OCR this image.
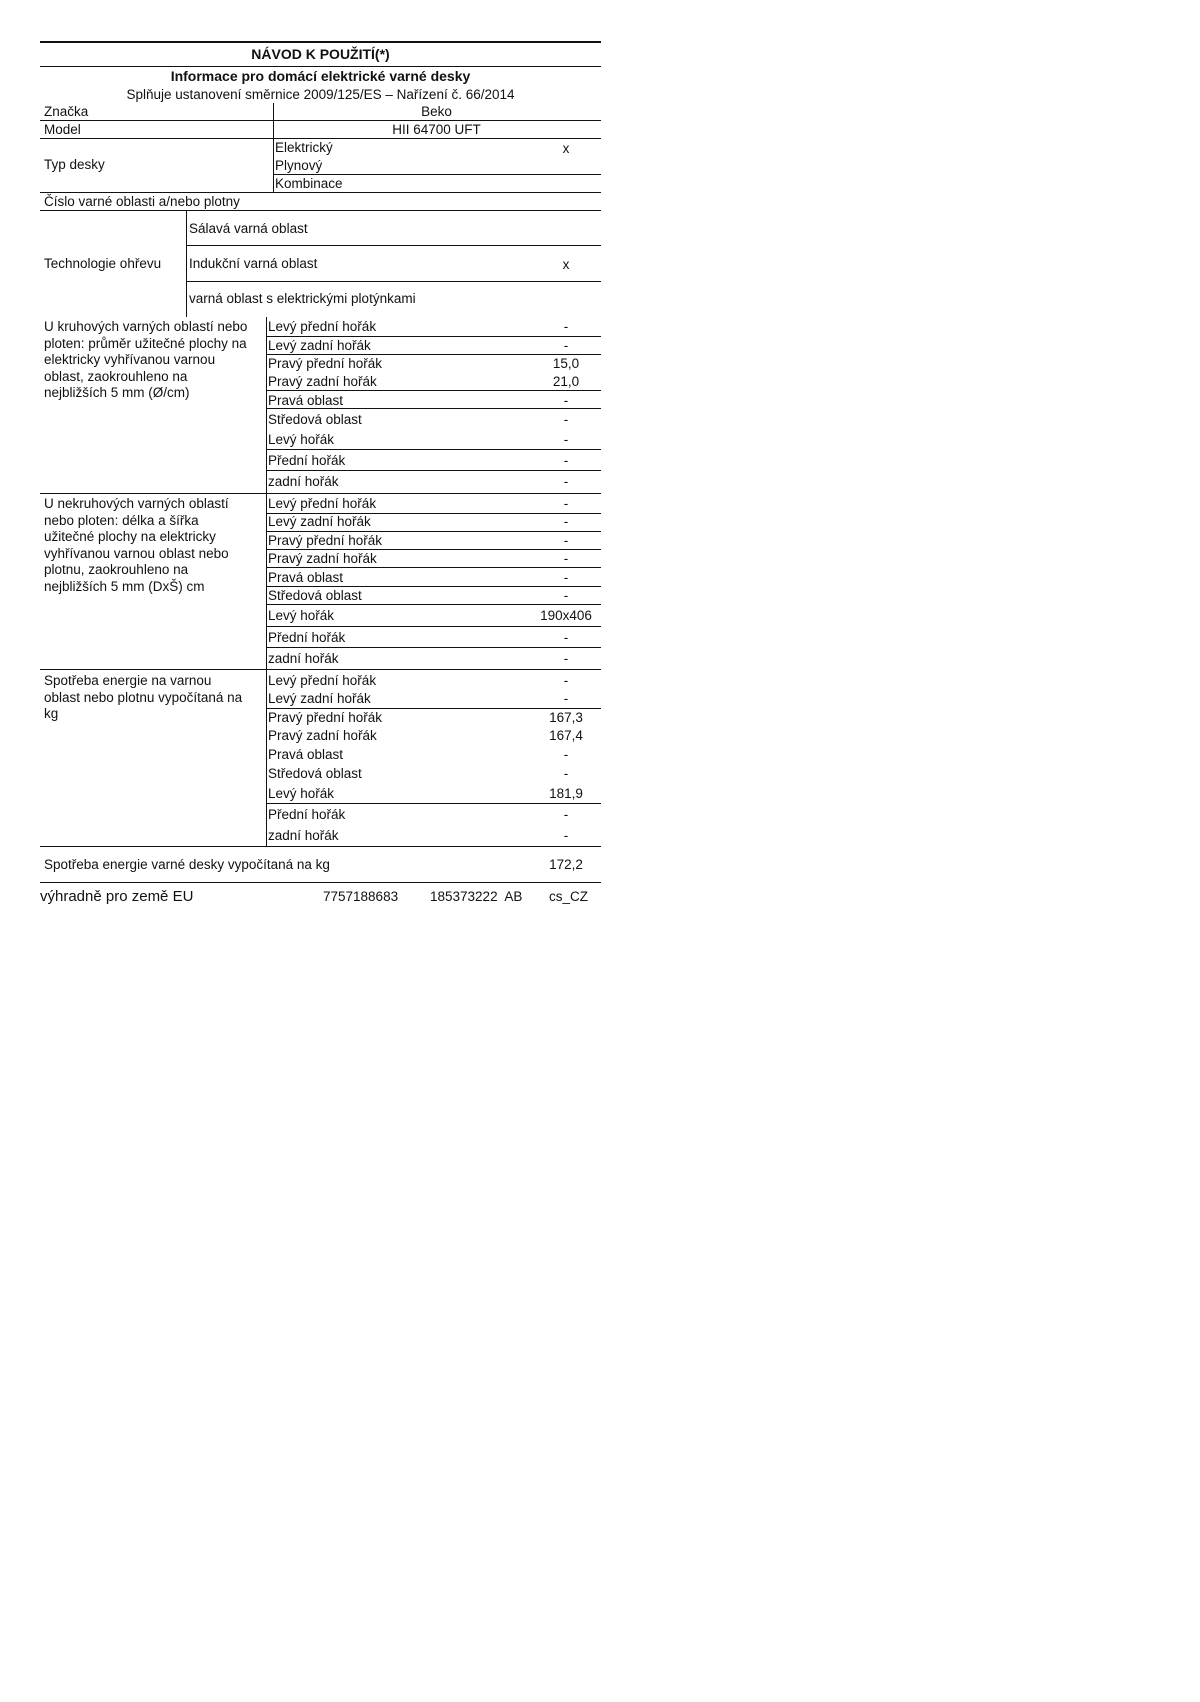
NÁVOD K POUŽITÍ(*)
Informace pro domácí elektrické varné desky
Splňuje ustanovení směrnice 2009/125/ES – Nařízení č. 66/2014
Značka	Beko
Model	HII 64700 UFT
Typ desky
Elektrický	x
Plynový
Kombinace
Číslo varné oblasti a/nebo plotny
Technologie ohřevu
Sálavá varná oblast
Indukční varná oblast	x
varná oblast s elektrickými plotýnkami
U kruhových varných oblastí nebo
ploten: průměr užitečné plochy na
elektricky vyhřívanou varnou
oblast, zaokrouhleno na
nejbližších 5 mm (Ø/cm)
Levý přední hořák	-
Levý zadní hořák	-
Pravý přední hořák	15,0
Pravý zadní hořák	21,0
Pravá oblast	-
Středová oblast	-
Levý hořák	-
Přední hořák	-
zadní hořák	-
U nekruhových varných oblastí
nebo ploten: délka a šířka
užitečné plochy na elektricky
vyhřívanou varnou oblast nebo
plotnu, zaokrouhleno na
nejbližších 5 mm (DxŠ) cm
Levý přední hořák	-
Levý zadní hořák	-
Pravý přední hořák	-
Pravý zadní hořák	-
Pravá oblast	-
Středová oblast	-
Levý hořák	190x406
Přední hořák	-
zadní hořák	-
Spotřeba energie na varnou
oblast nebo plotnu vypočítaná na
kg
Levý přední hořák	-
Levý zadní hořák	-
Pravý přední hořák	167,3
Pravý zadní hořák	167,4
Pravá oblast	-
Středová oblast	-
Levý hořák	181,9
Přední hořák	-
zadní hořák	-
Spotřeba energie varné desky vypočítaná na kg	172,2
výhradně pro země EU	7757188683 185373222  AB cs_CZ
